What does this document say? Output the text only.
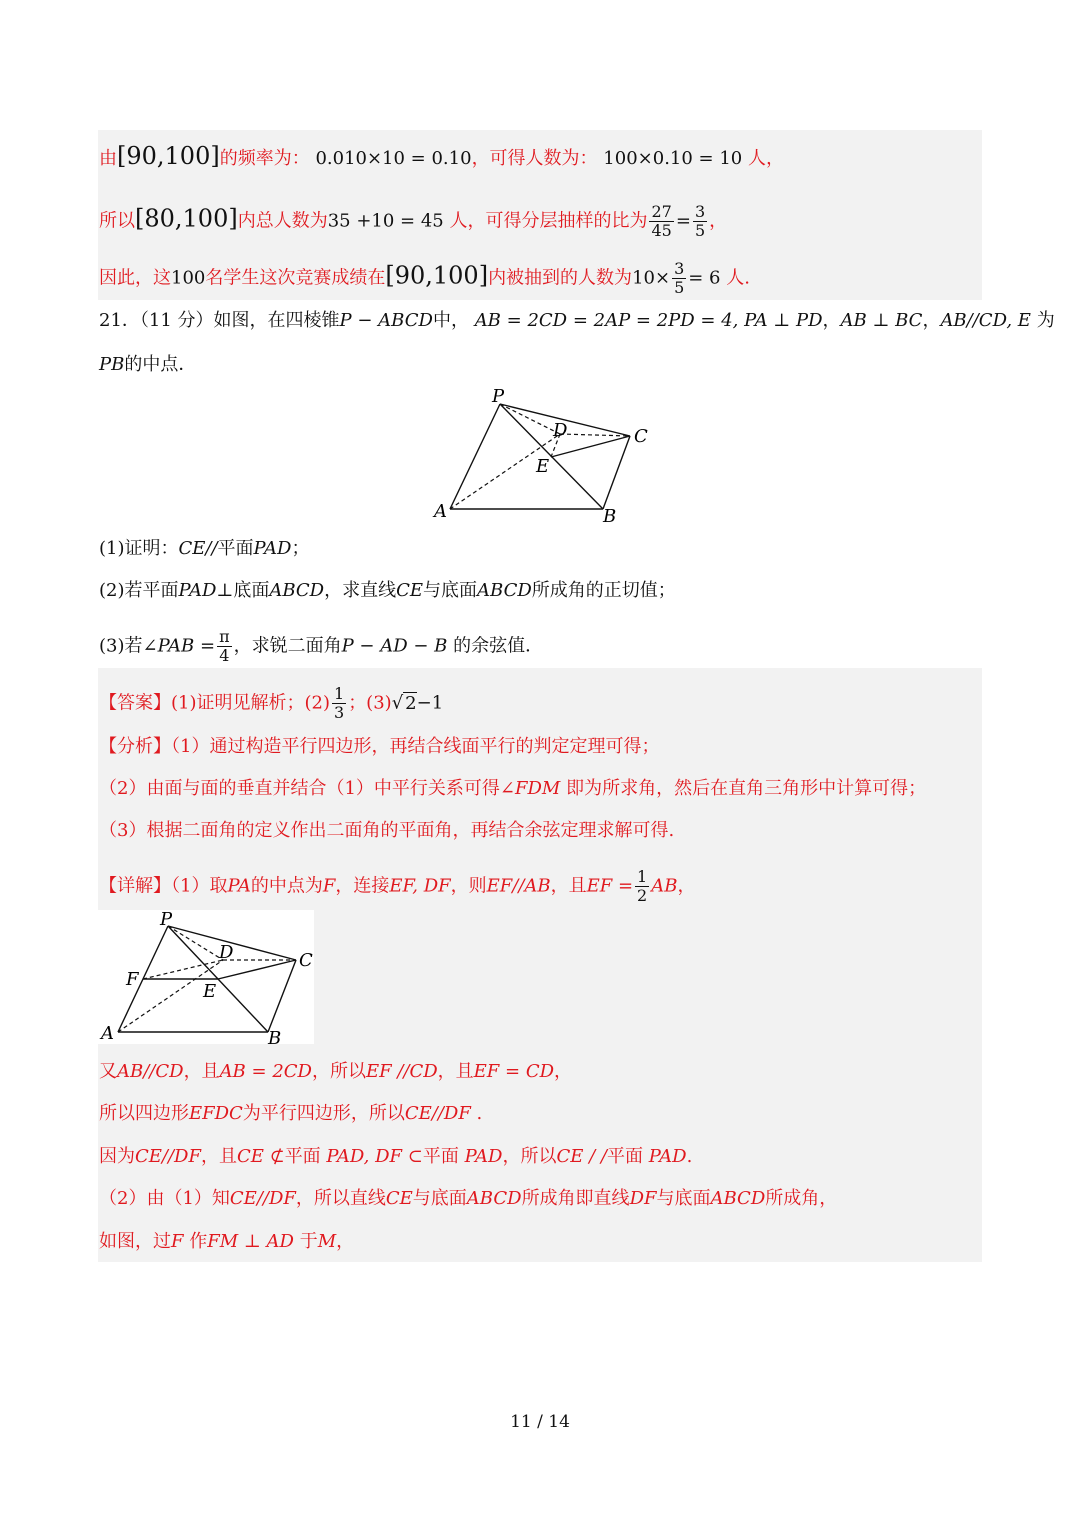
由[90,100]的频率为： 0.010×10 = 0.10，可得人数为： 100×0.10 = 10 人，
所以[80,100]内总人数为35 +10 = 45 人，可得分层抽样的比为 $\frac{27}{45} = \frac{3}{5}$ ，
因此，这100名学生这次竞赛成绩在[90,100]内被抽到的人数为$10\times \frac{3}{5} = 6$ 人.
21．（11 分）如图，在四棱锥P − ABCD中， AB = 2CD = 2AP = 2PD = 4, PA ⊥ PD，AB ⊥ BC，AB//CD, E 为
PB的中点．
P
D	C
E
A	B
(1)证明：CE//平面PAD；
(2)若平面PAD⊥底面ABCD，求直线CE与底面ABCD所成角的正切值；
(3)若∠PAB = $\frac{\pi}{4}$ ，求锐二面角P − AD − B 的余弦值．
【答案】(1)证明见解析；$(2) \frac{1}{3}$ ；(3)√ 2−1
【分析】（1）通过构造平行四边形，再结合线面平行的判定定理可得；
（2）由面与面的垂直并结合（1）中平行关系可得∠FDM 即为所求角，然后在直角三角形中计算可得；
（3）根据二面角的定义作出二面角的平面角，再结合余弦定理求解可得.
【详解】（1）取PA的中点为F，连接EF, DF，则EF//AB，且EF = $\frac{1}{2}$ AB，
P
D	C
F
E
A	B
又AB//CD，且AB = 2CD，所以EF //CD，且EF = CD，
所以四边形EFDC为平行四边形，所以CE//DF .
因为CE//DF，且CE ⊄平面 PAD, DF ⊂平面 PAD，所以CE / /平面 PAD.
（2）由（1）知CE//DF，所以直线CE与底面ABCD所成角即直线DF与底面ABCD所成角，
如图，过F 作FM ⊥ AD 于M，
11 / 14
